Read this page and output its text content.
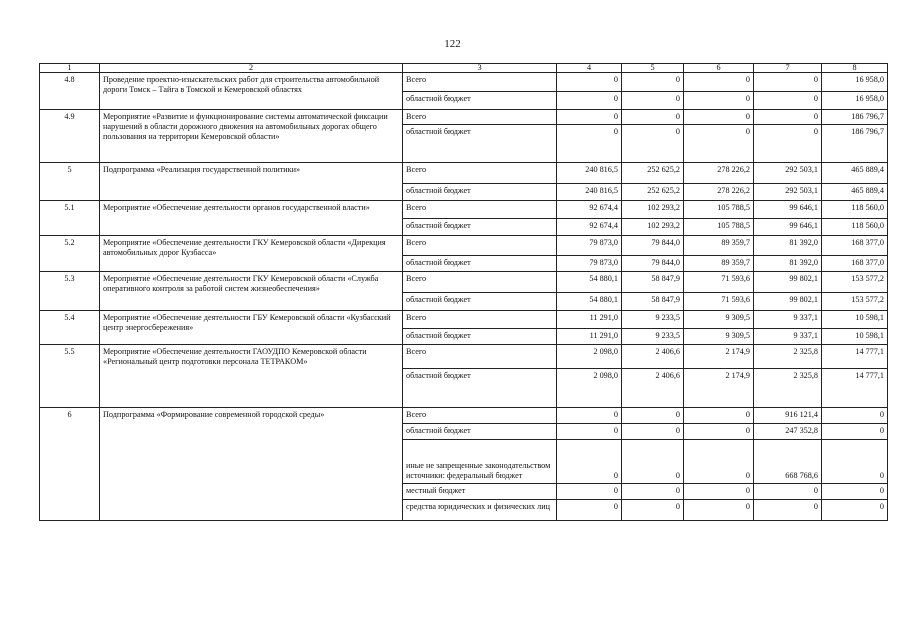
122
1	2	3	4	5	6	7	8
4.8	Проведение проектно-изыскательских работ для строительства автомобильной дороги Томск – Тайга в Томской и Кемеровской областях	Всего	0	0	0	0	16 958,0
		областной бюджет	0	0	0	0	16 958,0
4.9	Мероприятие «Развитие и функционирование системы автоматической фиксации нарушений в области дорожного движения на автомобильных дорогах общего пользования на территории Кемеровской области»	Всего	0	0	0	0	186 796,7
		областной бюджет	0	0	0	0	186 796,7
5	Подпрограмма «Реализация государственной политики»	Всего	240 816,5	252 625,2	278 226,2	292 503,1	465 889,4
		областной бюджет	240 816,5	252 625,2	278 226,2	292 503,1	465 889,4
5.1	Мероприятие «Обеспечение деятельности органов государственной власти»	Всего	92 674,4	102 293,2	105 788,5	99 646,1	118 560,0
		областной бюджет	92 674,4	102 293,2	105 788,5	99 646,1	118 560,0
5.2	Мероприятие «Обеспечение деятельности ГКУ Кемеровской области «Дирекция автомобильных дорог Кузбасса»	Всего	79 873,0	79 844,0	89 359,7	81 392,0	168 377,0
		областной бюджет	79 873,0	79 844,0	89 359,7	81 392,0	168 377,0
5.3	Мероприятие «Обеспечение деятельности ГКУ Кемеровской области «Служба оперативного контроля за работой систем жизнеобеспечения»	Всего	54 880,1	58 847,9	71 593,6	99 802,1	153 577,2
		областной бюджет	54 880,1	58 847,9	71 593,6	99 802,1	153 577,2
5.4	Мероприятие «Обеспечение деятельности ГБУ Кемеровской области «Кузбасский центр энергосбережения»	Всего	11 291,0	9 233,5	9 309,5	9 337,1	10 598,1
		областной бюджет	11 291,0	9 233,5	9 309,5	9 337,1	10 598,1
5.5	Мероприятие «Обеспечение деятельности ГАОУДПО Кемеровской области «Региональный центр подготовки персонала ТЕТРАКОМ»	Всего	2 098,0	2 406,6	2 174,9	2 325,8	14 777,1
		областной бюджет	2 098,0	2 406,6	2 174,9	2 325,8	14 777,1
6	Подпрограмма «Формирование современной городской среды»	Всего	0	0	0	916 121,4	0
		областной бюджет	0	0	0	247 352,8	0
		иные не запрещенные законодательством источники: федеральный бюджет	0	0	0	668 768,6	0
		местный бюджет	0	0	0	0	0
		средства юридических и физических лиц	0	0	0	0	0
